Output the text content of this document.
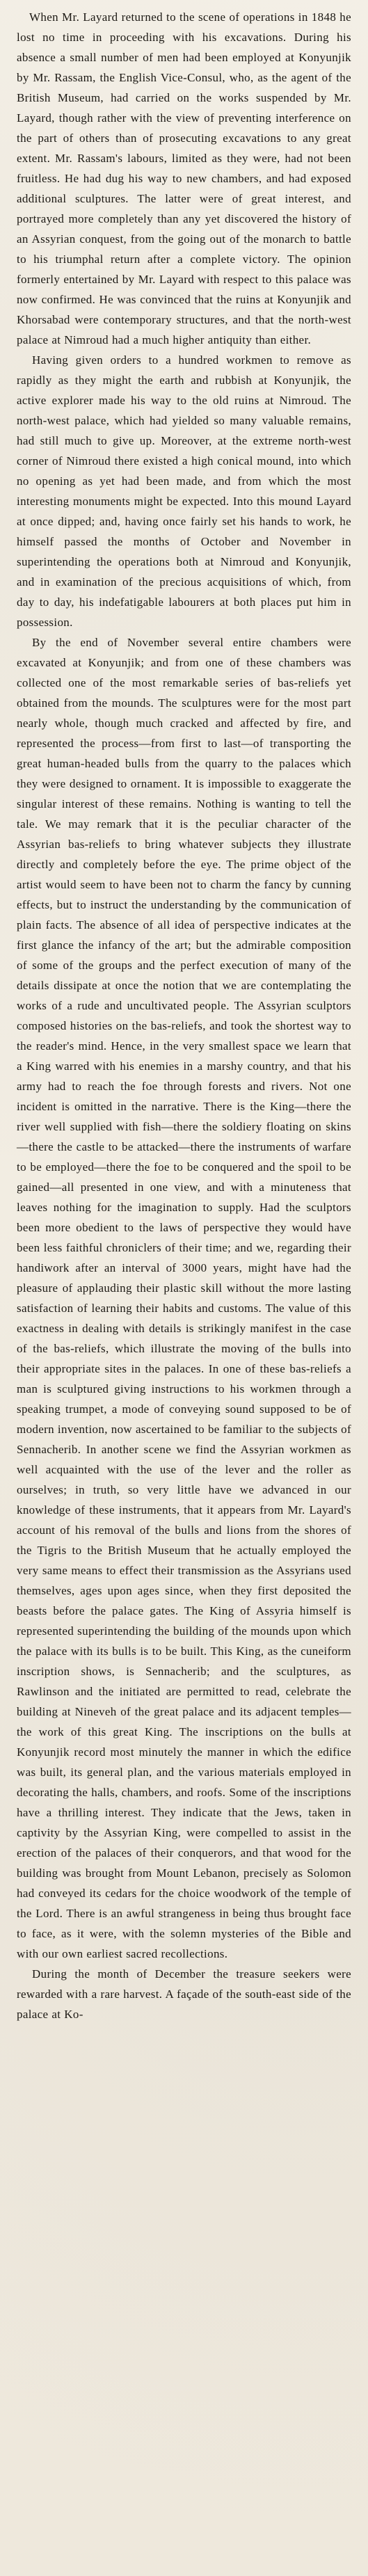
When Mr. Layard returned to the scene of operations in 1848 he lost no time in proceeding with his excavations. During his absence a small number of men had been employed at Konyunjik by Mr. Rassam, the English Vice-Consul, who, as the agent of the British Museum, had carried on the works suspended by Mr. Layard, though rather with the view of preventing interference on the part of others than of prosecuting excavations to any great extent. Mr. Rassam's labours, limited as they were, had not been fruitless. He had dug his way to new chambers, and had exposed additional sculptures. The latter were of great interest, and portrayed more completely than any yet discovered the history of an Assyrian conquest, from the going out of the monarch to battle to his triumphal return after a complete victory. The opinion formerly entertained by Mr. Layard with respect to this palace was now confirmed. He was convinced that the ruins at Konyunjik and Khorsabad were contemporary structures, and that the north-west palace at Nimroud had a much higher antiquity than either.

Having given orders to a hundred workmen to remove as rapidly as they might the earth and rubbish at Konyunjik, the active explorer made his way to the old ruins at Nimroud. The north-west palace, which had yielded so many valuable remains, had still much to give up. Moreover, at the extreme north-west corner of Nimroud there existed a high conical mound, into which no opening as yet had been made, and from which the most interesting monuments might be expected. Into this mound Layard at once dipped; and, having once fairly set his hands to work, he himself passed the months of October and November in superintending the operations both at Nimroud and Konyunjik, and in examination of the precious acquisitions of which, from day to day, his indefatigable labourers at both places put him in possession.

By the end of November several entire chambers were excavated at Konyunjik; and from one of these chambers was collected one of the most remarkable series of bas-reliefs yet obtained from the mounds. The sculptures were for the most part nearly whole, though much cracked and affected by fire, and represented the process—from first to last—of transporting the great human-headed bulls from the quarry to the palaces which they were designed to ornament. It is impossible to exaggerate the singular interest of these remains. Nothing is wanting to tell the tale. We may remark that it is the peculiar character of the Assyrian bas-reliefs to bring whatever subjects they illustrate directly and completely before the eye. The prime object of the artist would seem to have been not to charm the fancy by cunning effects, but to instruct the understanding by the communication of plain facts. The absence of all idea of perspective indicates at the first glance the infancy of the art; but the admirable composition of some of the groups and the perfect execution of many of the details dissipate at once the notion that we are contemplating the works of a rude and uncultivated people. The Assyrian sculptors composed histories on the bas-reliefs, and took the shortest way to the reader's mind. Hence, in the very smallest space we learn that a King warred with his enemies in a marshy country, and that his army had to reach the foe through forests and rivers. Not one incident is omitted in the narrative. There is the King—there the river well supplied with fish—there the soldiery floating on skins—there the castle to be attacked—there the instruments of warfare to be employed—there the foe to be conquered and the spoil to be gained—all presented in one view, and with a minuteness that leaves nothing for the imagination to supply. Had the sculptors been more obedient to the laws of perspective they would have been less faithful chroniclers of their time; and we, regarding their handiwork after an interval of 3000 years, might have had the pleasure of applauding their plastic skill without the more lasting satisfaction of learning their habits and customs. The value of this exactness in dealing with details is strikingly manifest in the case of the bas-reliefs, which illustrate the moving of the bulls into their appropriate sites in the palaces. In one of these bas-reliefs a man is sculptured giving instructions to his workmen through a speaking trumpet, a mode of conveying sound supposed to be of modern invention, now ascertained to be familiar to the subjects of Sennacherib. In another scene we find the Assyrian workmen as well acquainted with the use of the lever and the roller as ourselves; in truth, so very little have we advanced in our knowledge of these instruments, that it appears from Mr. Layard's account of his removal of the bulls and lions from the shores of the Tigris to the British Museum that he actually employed the very same means to effect their transmission as the Assyrians used themselves, ages upon ages since, when they first deposited the beasts before the palace gates. The King of Assyria himself is represented superintending the building of the mounds upon which the palace with its bulls is to be built. This King, as the cuneiform inscription shows, is Sennacherib; and the sculptures, as Rawlinson and the initiated are permitted to read, celebrate the building at Nineveh of the great palace and its adjacent temples—the work of this great King. The inscriptions on the bulls at Konyunjik record most minutely the manner in which the edifice was built, its general plan, and the various materials employed in decorating the halls, chambers, and roofs. Some of the inscriptions have a thrilling interest. They indicate that the Jews, taken in captivity by the Assyrian King, were compelled to assist in the erection of the palaces of their conquerors, and that wood for the building was brought from Mount Lebanon, precisely as Solomon had conveyed its cedars for the choice woodwork of the temple of the Lord. There is an awful strangeness in being thus brought face to face, as it were, with the solemn mysteries of the Bible and with our own earliest sacred recollections.

During the month of December the treasure seekers were rewarded with a rare harvest. A façade of the south-east side of the palace at Ko-
